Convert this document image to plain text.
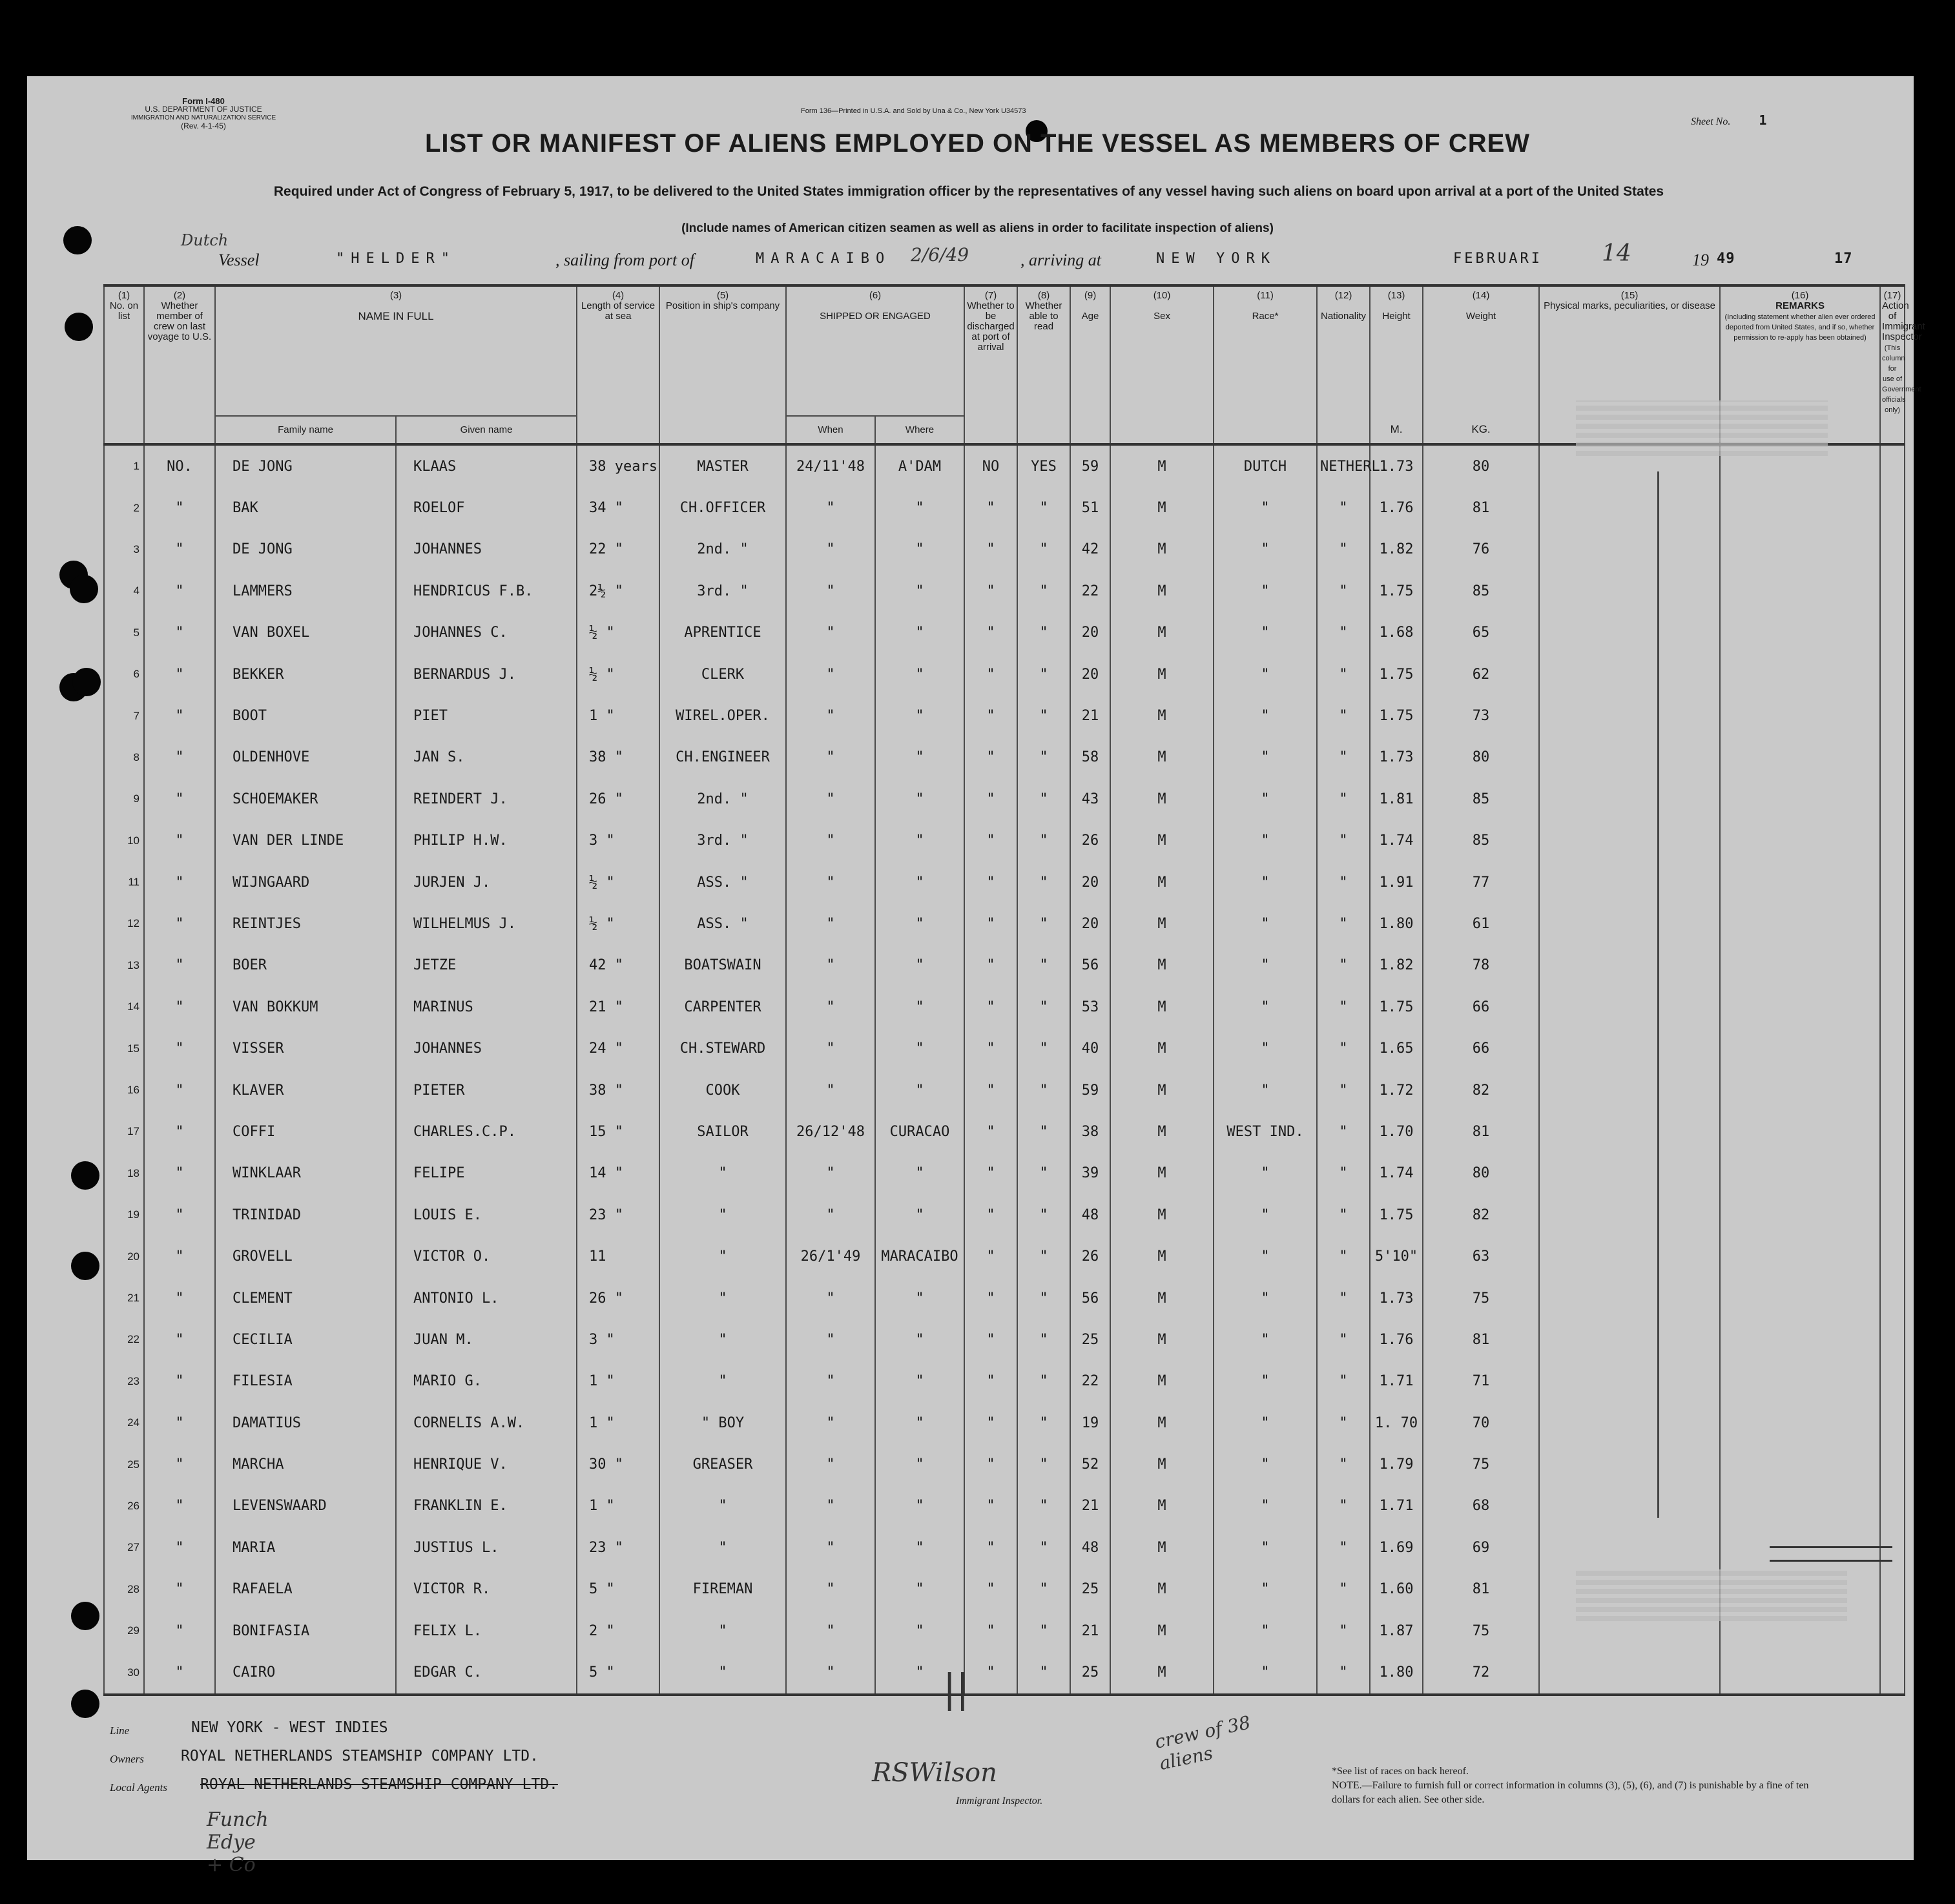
Form I-480
U.S. DEPARTMENT OF JUSTICE
IMMIGRATION AND NATURALIZATION SERVICE
(Rev. 4-1-45)
Form 136—Printed in U.S.A. and Sold by Una & Co., New York U34573
Sheet No. 1
LIST OR MANIFEST OF ALIENS EMPLOYED ON THE VESSEL AS MEMBERS OF CREW
Required under Act of Congress of February 5, 1917, to be delivered to the United States immigration officer by the representatives of any vessel having such aliens on board upon arrival at a port of the United States
(Include names of American citizen seamen as well as aliens in order to facilitate inspection of aliens)
Dutch
Vessel	"HELDER"	, sailing from port of	MARACAIBO 2/6/49	, arriving at	NEW YORK	FEBRUARI	14	19 49	17
(1)
No. on list	(2)
Whether member of crew on last voyage to U.S.	(3)

NAME IN FULL		(4)
Length of service at sea	(5)
Position in ship's company	(6)

SHIPPED OR ENGAGED		(7)
Whether to be discharged at port of arrival	(8)
Whether able to read	(9)

Age	(10)

Sex	(11)

Race*	(12)

Nationality	(13)

Height	(14)

Weight	(15)
Physical marks, peculiarities, or disease	(16)
REMARKS
(Including statement whether alien ever ordered deported from United States, and if so, whether permission to re-apply has been obtained)	(17)
Action of Immigrant Inspector
(This column for use of Government officials only)
		Family name	Given name			When	Where							M.	KG.			
1	NO.	DE JONG	KLAAS	38 years	MASTER	24/11'48	A'DAM	NO	YES	59	M	DUTCH	NETHERL.	1.73	80			
2	"	BAK	ROELOF	34 "	CH.OFFICER	"	"	"	"	51	M	"	"	1.76	81			
3	"	DE JONG	JOHANNES	22 "	2nd. "	"	"	"	"	42	M	"	"	1.82	76			
4	"	LAMMERS	HENDRICUS F.B.	2½ "	3rd. "	"	"	"	"	22	M	"	"	1.75	85			
5	"	VAN BOXEL	JOHANNES C.	½ "	APRENTICE	"	"	"	"	20	M	"	"	1.68	65			
6	"	BEKKER	BERNARDUS J.	½ "	CLERK	"	"	"	"	20	M	"	"	1.75	62			
7	"	BOOT	PIET	1 "	WIREL.OPER.	"	"	"	"	21	M	"	"	1.75	73			
8	"	OLDENHOVE	JAN S.	38 "	CH.ENGINEER	"	"	"	"	58	M	"	"	1.73	80			
9	"	SCHOEMAKER	REINDERT J.	26 "	2nd. "	"	"	"	"	43	M	"	"	1.81	85			
10	"	VAN DER LINDE	PHILIP H.W.	3 "	3rd. "	"	"	"	"	26	M	"	"	1.74	85			
11	"	WIJNGAARD	JURJEN J.	½ "	ASS. "	"	"	"	"	20	M	"	"	1.91	77			
12	"	REINTJES	WILHELMUS J.	½ "	ASS. "	"	"	"	"	20	M	"	"	1.80	61			
13	"	BOER	JETZE	42 "	BOATSWAIN	"	"	"	"	56	M	"	"	1.82	78			
14	"	VAN BOKKUM	MARINUS	21 "	CARPENTER	"	"	"	"	53	M	"	"	1.75	66			
15	"	VISSER	JOHANNES	24 "	CH.STEWARD	"	"	"	"	40	M	"	"	1.65	66			
16	"	KLAVER	PIETER	38 "	COOK	"	"	"	"	59	M	"	"	1.72	82			
17	"	COFFI	CHARLES.C.P.	15 "	SAILOR	26/12'48	CURACAO	"	"	38	M	WEST IND.	"	1.70	81			
18	"	WINKLAAR	FELIPE	14 "	"	"	"	"	"	39	M	"	"	1.74	80			
19	"	TRINIDAD	LOUIS E.	23 "	"	"	"	"	"	48	M	"	"	1.75	82			
20	"	GROVELL	VICTOR O.	11	"	26/1'49	MARACAIBO	"	"	26	M	"	"	5'10"	63			
21	"	CLEMENT	ANTONIO L.	26 "	"	"	"	"	"	56	M	"	"	1.73	75			
22	"	CECILIA	JUAN M.	3 "	"	"	"	"	"	25	M	"	"	1.76	81			
23	"	FILESIA	MARIO G.	1 "	"	"	"	"	"	22	M	"	"	1.71	71			
24	"	DAMATIUS	CORNELIS A.W.	1 "	" BOY	"	"	"	"	19	M	"	"	1. 70	70			
25	"	MARCHA	HENRIQUE V.	30 "	GREASER	"	"	"	"	52	M	"	"	1.79	75			
26	"	LEVENSWAARD	FRANKLIN E.	1 "	"	"	"	"	"	21	M	"	"	1.71	68			
27	"	MARIA	JUSTIUS L.	23 "	"	"	"	"	"	48	M	"	"	1.69	69			
28	"	RAFAELA	VICTOR R.	5 "	FIREMAN	"	"	"	"	25	M	"	"	1.60	81			
29	"	BONIFASIA	FELIX L.	2 "	"	"	"	"	"	21	M	"	"	1.87	75			
30	"	CAIRO	EDGAR C.	5 "	"	"	"	"	"	25	M	"	"	1.80	72			
Line	NEW YORK - WEST INDIES
Owners ROYAL NETHERLANDS STEAMSHIP COMPANY LTD.
Local Agents ROYAL NETHERLANDS STEAMSHIP COMPANY LTD.
Funch Edye + Co
||
crew of 38 aliens
RSWilson
Immigrant Inspector.
*See list of races on back hereof.
NOTE.—Failure to furnish full or correct information in columns (3), (5), (6), and (7) is punishable by a fine of ten dollars for each alien. See other side.
